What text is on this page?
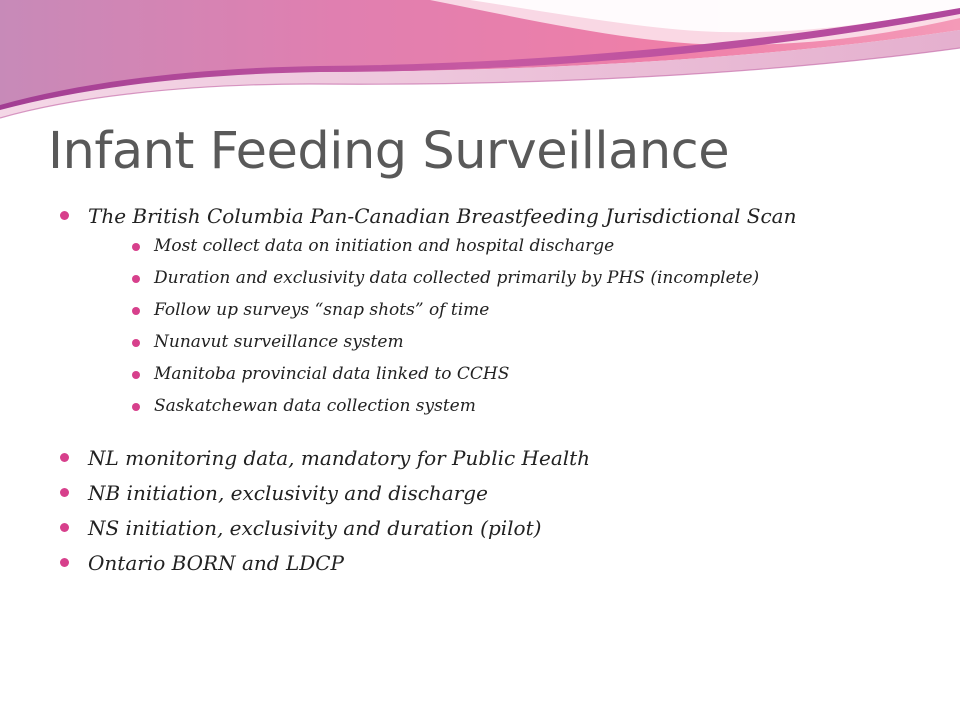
Infant Feeding Surveillance
The British Columbia Pan-Canadian Breastfeeding Jurisdictional Scan
Most collect data on initiation and hospital discharge
Duration and exclusivity data collected primarily by PHS (incomplete)
Follow up surveys “snap shots” of time
Nunavut surveillance system
Manitoba provincial data linked to CCHS
Saskatchewan data collection system
NL monitoring data, mandatory for Public Health
NB initiation, exclusivity and discharge
NS initiation, exclusivity and duration (pilot)
Ontario BORN and LDCP
